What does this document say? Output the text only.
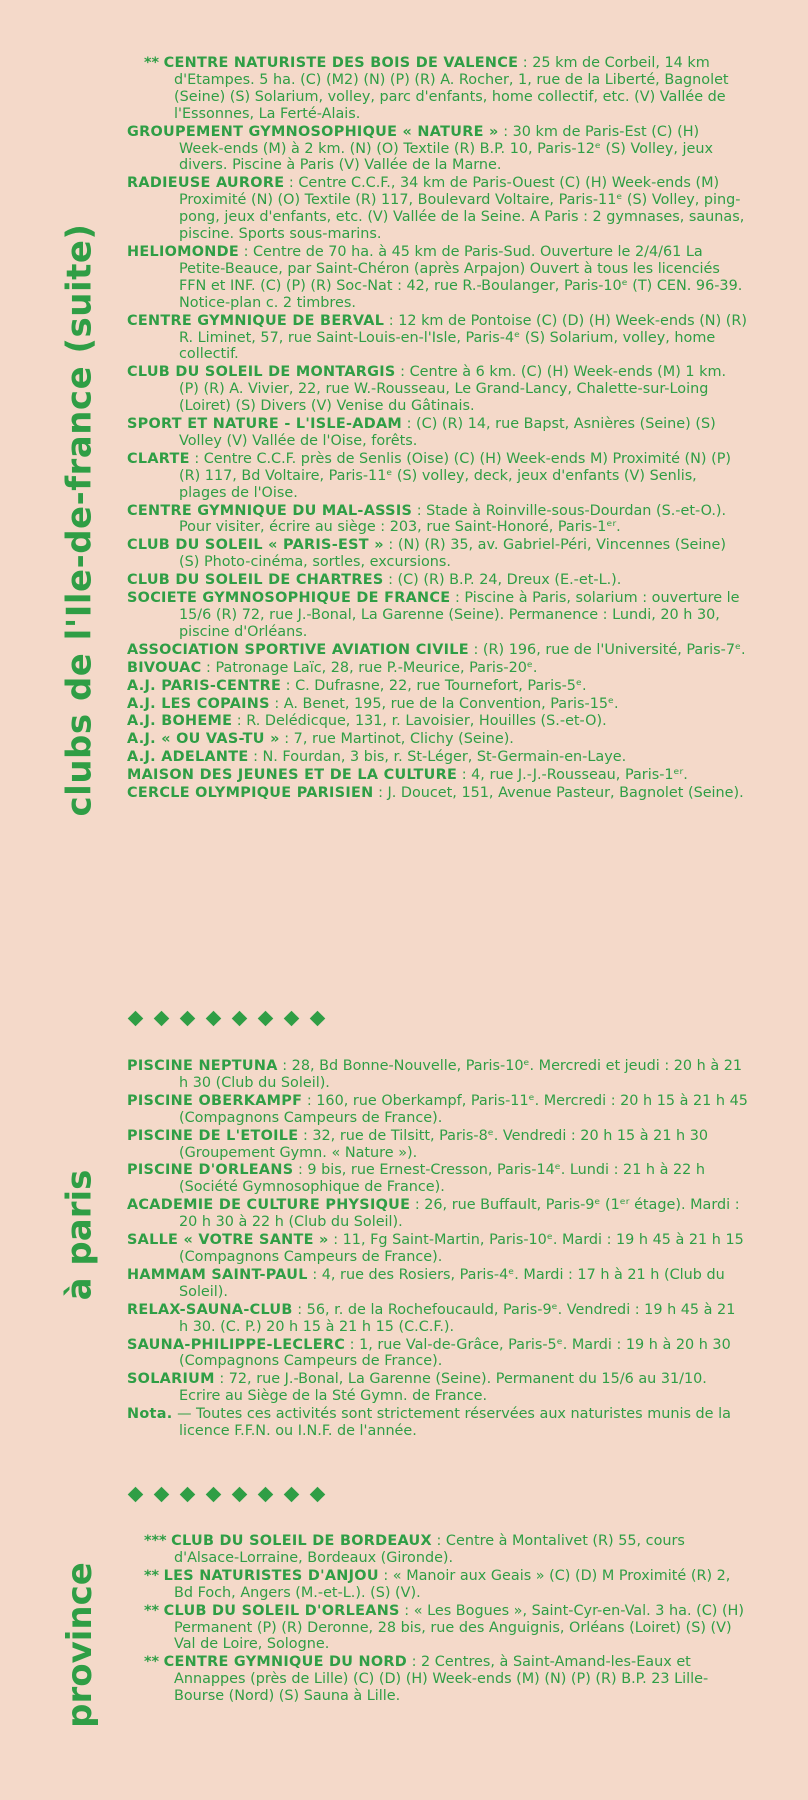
clubs de l'Ile-de-france (suite)
à paris
province

** CENTRE NATURISTE DES BOIS DE VALENCE : 25 km de Corbeil, 14 km d'Etampes. 5 ha. (C) (M2) (N) (P) (R) A. Rocher, 1, rue de la Liberté, Bagnolet (Seine) (S) Solarium, volley, parc d'enfants, home collectif, etc. (V) Vallée de l'Essonnes, La Ferté-Alais.

GROUPEMENT GYMNOSOPHIQUE « NATURE » : 30 km de Paris-Est (C) (H) Week-ends (M) à 2 km. (N) (O) Textile (R) B.P. 10, Paris-12ᵉ (S) Volley, jeux divers. Piscine à Paris (V) Vallée de la Marne.

RADIEUSE AURORE : Centre C.C.F., 34 km de Paris-Ouest (C) (H) Week-ends (M) Proximité (N) (O) Textile (R) 117, Boulevard Voltaire, Paris-11ᵉ (S) Volley, ping-pong, jeux d'enfants, etc. (V) Vallée de la Seine. A Paris : 2 gymnases, saunas, piscine. Sports sous-marins.

HELIOMONDE : Centre de 70 ha. à 45 km de Paris-Sud. Ouverture le 2/4/61 La Petite-Beauce, par Saint-Chéron (après Arpajon) Ouvert à tous les licenciés FFN et INF. (C) (P) (R) Soc-Nat : 42, rue R.-Boulanger, Paris-10ᵉ (T) CEN. 96-39. Notice-plan c. 2 timbres.

CENTRE GYMNIQUE DE BERVAL : 12 km de Pontoise (C) (D) (H) Week-ends (N) (R) R. Liminet, 57, rue Saint-Louis-en-l'Isle, Paris-4ᵉ (S) Solarium, volley, home collectif.

CLUB DU SOLEIL DE MONTARGIS : Centre à 6 km. (C) (H) Week-ends (M) 1 km. (P) (R) A. Vivier, 22, rue W.-Rousseau, Le Grand-Lancy, Chalette-sur-Loing (Loiret) (S) Divers (V) Venise du Gâtinais.

SPORT ET NATURE - L'ISLE-ADAM : (C) (R) 14, rue Bapst, Asnières (Seine) (S) Volley (V) Vallée de l'Oise, forêts.

CLARTE : Centre C.C.F. près de Senlis (Oise) (C) (H) Week-ends M) Proximité (N) (P) (R) 117, Bd Voltaire, Paris-11ᵉ (S) volley, deck, jeux d'enfants (V) Senlis, plages de l'Oise.

CENTRE GYMNIQUE DU MAL-ASSIS : Stade à Roinville-sous-Dourdan (S.-et-O.). Pour visiter, écrire au siège : 203, rue Saint-Honoré, Paris-1ᵉʳ.

CLUB DU SOLEIL « PARIS-EST » : (N) (R) 35, av. Gabriel-Péri, Vincennes (Seine) (S) Photo-cinéma, sortles, excursions.

CLUB DU SOLEIL DE CHARTRES : (C) (R) B.P. 24, Dreux (E.-et-L.).

SOCIETE GYMNOSOPHIQUE DE FRANCE : Piscine à Paris, solarium : ouverture le 15/6 (R) 72, rue J.-Bonal, La Garenne (Seine). Permanence : Lundi, 20 h 30, piscine d'Orléans.

ASSOCIATION SPORTIVE AVIATION CIVILE : (R) 196, rue de l'Université, Paris-7ᵉ.

BIVOUAC : Patronage Laïc, 28, rue P.-Meurice, Paris-20ᵉ.

A.J. PARIS-CENTRE : C. Dufrasne, 22, rue Tournefort, Paris-5ᵉ.

A.J. LES COPAINS : A. Benet, 195, rue de la Convention, Paris-15ᵉ.

A.J. BOHEME : R. Delédicque, 131, r. Lavoisier, Houilles (S.-et-O).

A.J. « OU VAS-TU » : 7, rue Martinot, Clichy (Seine).

A.J. ADELANTE : N. Fourdan, 3 bis, r. St-Léger, St-Germain-en-Laye.

MAISON DES JEUNES ET DE LA CULTURE : 4, rue J.-J.-Rousseau, Paris-1ᵉʳ.

CERCLE OLYMPIQUE PARISIEN : J. Doucet, 151, Avenue Pasteur, Bagnolet (Seine).

PISCINE NEPTUNA : 28, Bd Bonne-Nouvelle, Paris-10ᵉ. Mercredi et jeudi : 20 h à 21 h 30 (Club du Soleil).

PISCINE OBERKAMPF : 160, rue Oberkampf, Paris-11ᵉ. Mercredi : 20 h 15 à 21 h 45 (Compagnons Campeurs de France).

PISCINE DE L'ETOILE : 32, rue de Tilsitt, Paris-8ᵉ. Vendredi : 20 h 15 à 21 h 30 (Groupement Gymn. « Nature »).

PISCINE D'ORLEANS : 9 bis, rue Ernest-Cresson, Paris-14ᵉ. Lundi : 21 h à 22 h (Société Gymnosophique de France).

ACADEMIE DE CULTURE PHYSIQUE : 26, rue Buffault, Paris-9ᵉ (1ᵉʳ étage). Mardi : 20 h 30 à 22 h (Club du Soleil).

SALLE « VOTRE SANTE » : 11, Fg Saint-Martin, Paris-10ᵉ. Mardi : 19 h 45 à 21 h 15 (Compagnons Campeurs de France).

HAMMAM SAINT-PAUL : 4, rue des Rosiers, Paris-4ᵉ. Mardi : 17 h à 21 h (Club du Soleil).

RELAX-SAUNA-CLUB : 56, r. de la Rochefoucauld, Paris-9ᵉ. Vendredi : 19 h 45 à 21 h 30. (C. P.) 20 h 15 à 21 h 15 (C.C.F.).

SAUNA-PHILIPPE-LECLERC : 1, rue Val-de-Grâce, Paris-5ᵉ. Mardi : 19 h à 20 h 30 (Compagnons Campeurs de France).

SOLARIUM : 72, rue J.-Bonal, La Garenne (Seine). Permanent du 15/6 au 31/10. Ecrire au Siège de la Sté Gymn. de France.

Nota. — Toutes ces activités sont strictement réservées aux naturistes munis de la licence F.F.N. ou I.N.F. de l'année.

*** CLUB DU SOLEIL DE BORDEAUX : Centre à Montalivet (R) 55, cours d'Alsace-Lorraine, Bordeaux (Gironde).

** LES NATURISTES D'ANJOU : « Manoir aux Geais » (C) (D) M Proximité (R) 2, Bd Foch, Angers (M.-et-L.). (S) (V).

** CLUB DU SOLEIL D'ORLEANS : « Les Bogues », Saint-Cyr-en-Val. 3 ha. (C) (H) Permanent (P) (R) Deronne, 28 bis, rue des Anguignis, Orléans (Loiret) (S) (V) Val de Loire, Sologne.

** CENTRE GYMNIQUE DU NORD : 2 Centres, à Saint-Amand-les-Eaux et Annappes (près de Lille) (C) (D) (H) Week-ends (M) (N) (P) (R) B.P. 23 Lille-Bourse (Nord) (S) Sauna à Lille.
